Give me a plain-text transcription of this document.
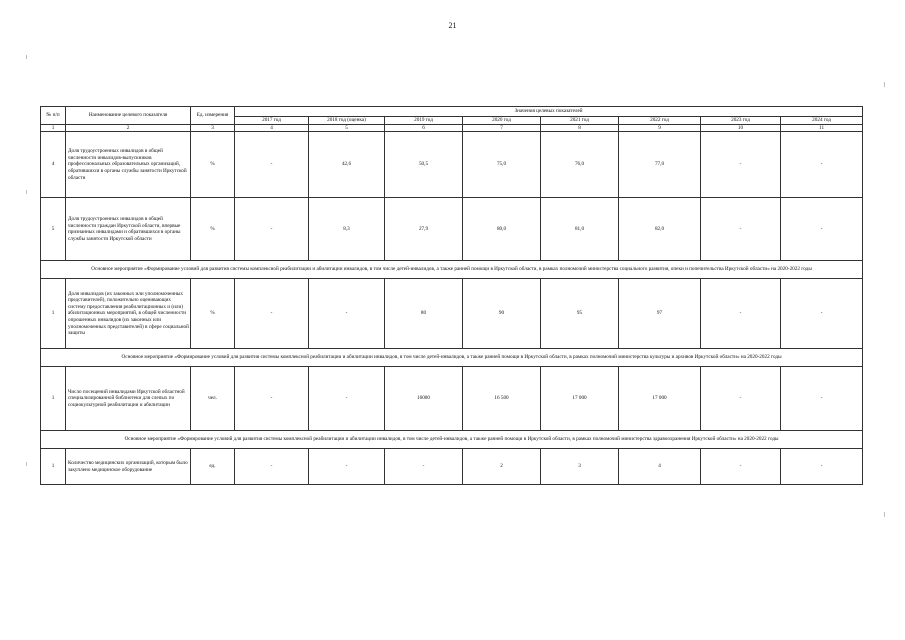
21
№ п/п	Наименование целевого показателя	Ед. измерения	Значения целевых показателей							
			2017 год	2018 год (оценка)	2019 год	2020 год	2021 год	2022 год	2023 год	2024 год
1	2	3	4	5	6	7	8	9	10	11
4	Доля трудоустроенных инвалидов в общей численности инвалидов-выпускников профессиональных образовательных организаций, обратившихся в органы службы занятости Иркутской области	%	-	42,6	50,5	75,0	76,0	77,0	-	-
5	Доля трудоустроенных инвалидов в общей численности граждан Иркутской области, впервые признанных инвалидами и обратившихся в органы службы занятости Иркутской области	%	-	8,3	27,9	80,0	81,0	82,0	-	-
Основное мероприятие «Формирование условий для развития системы комплексной реабилитации и абилитации инвалидов, в том числе детей-инвалидов, а также ранней помощи в Иркутской области, в рамках полномочий министерства социального развития, опеки и попечительства Иркутской области» на 2020-2022 годы										
1	Доля инвалидов (их законных или уполномоченных представителей), положительно оценивающих систему предоставления реабилитационных и (или) абилитационных мероприятий, в общей численности опрошенных инвалидов (их законных или уполномоченных представителей) в сфере социальной защиты	%	-	-	80	90	95	97	-	-
Основное мероприятие «Формирование условий для развития системы комплексной реабилитации и абилитации инвалидов, в том числе детей-инвалидов, а также ранней помощи в Иркутской области, в рамках полномочий министерства культуры и архивов Иркутской области» на 2020-2022 годы										
1	Число посещений инвалидами Иркутской областной специализированной библиотеки для слепых по социокультурной реабилитации и абилитации	чел.	-	-	16000	16 500	17 000	17 000	-	-
Основное мероприятие «Формирование условий для развития системы комплексной реабилитации и абилитации инвалидов, в том числе детей-инвалидов, а также ранней помощи в Иркутской области, в рамках полномочий министерства здравоохранения Иркутской области» на 2020-2022 годы										
1	Количество медицинских организаций, которым было закуплено медицинское оборудование	ед.	-	-	-	2	3	4	-	-
